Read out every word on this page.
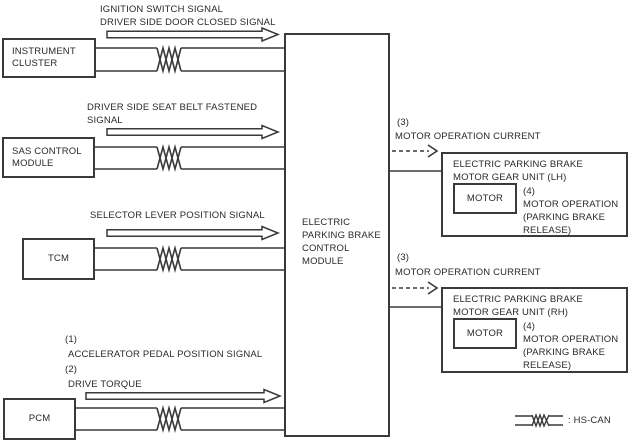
INSTRUMENT CLUSTER
SAS CONTROL MODULE
TCM
PCM
ELECTRIC PARKING BRAKE CONTROL MODULE
IGNITION SWITCH SIGNAL
DRIVER SIDE DOOR CLOSED SIGNAL
DRIVER SIDE SEAT BELT FASTENED
SIGNAL
SELECTOR LEVER POSITION SIGNAL
(1)
ACCELERATOR PEDAL POSITION SIGNAL
(2)
DRIVE TORQUE
(3)
MOTOR OPERATION CURRENT
ELECTRIC PARKING BRAKE MOTOR GEAR UNIT (LH)
MOTOR
(4)
MOTOR OPERATION (PARKING BRAKE RELEASE)
(3)
MOTOR OPERATION CURRENT
ELECTRIC PARKING BRAKE MOTOR GEAR UNIT (RH)
MOTOR
(4)
MOTOR OPERATION (PARKING BRAKE RELEASE)
: HS-CAN
